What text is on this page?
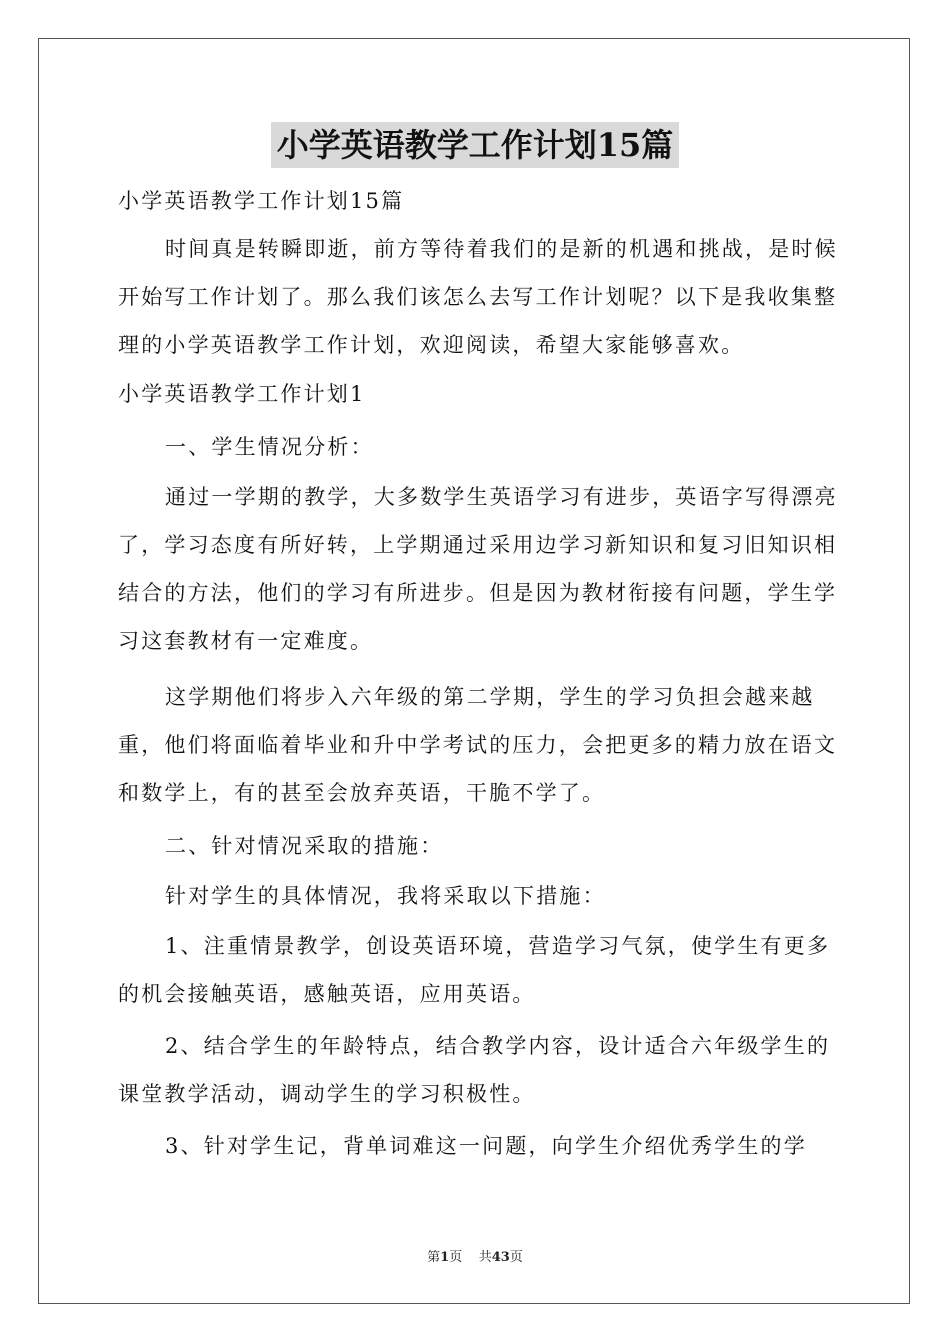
小学英语教学工作计划15篇

小学英语教学工作计划15篇

时间真是转瞬即逝，前方等待着我们的是新的机遇和挑战，是时候开始写工作计划了。那么我们该怎么去写工作计划呢？以下是我收集整理的小学英语教学工作计划，欢迎阅读，希望大家能够喜欢。

小学英语教学工作计划1

一、学生情况分析：

通过一学期的教学，大多数学生英语学习有进步，英语字写得漂亮了，学习态度有所好转，上学期通过采用边学习新知识和复习旧知识相结合的方法，他们的学习有所进步。但是因为教材衔接有问题，学生学习这套教材有一定难度。

这学期他们将步入六年级的第二学期，学生的学习负担会越来越重，他们将面临着毕业和升中学考试的压力，会把更多的精力放在语文和数学上，有的甚至会放弃英语，干脆不学了。

二、针对情况采取的措施：

针对学生的具体情况，我将采取以下措施：

1、注重情景教学，创设英语环境，营造学习气氛，使学生有更多的机会接触英语，感触英语，应用英语。

2、结合学生的年龄特点，结合教学内容，设计适合六年级学生的课堂教学活动，调动学生的学习积极性。

3、针对学生记，背单词难这一问题，向学生介绍优秀学生的学

第1页 共43页
